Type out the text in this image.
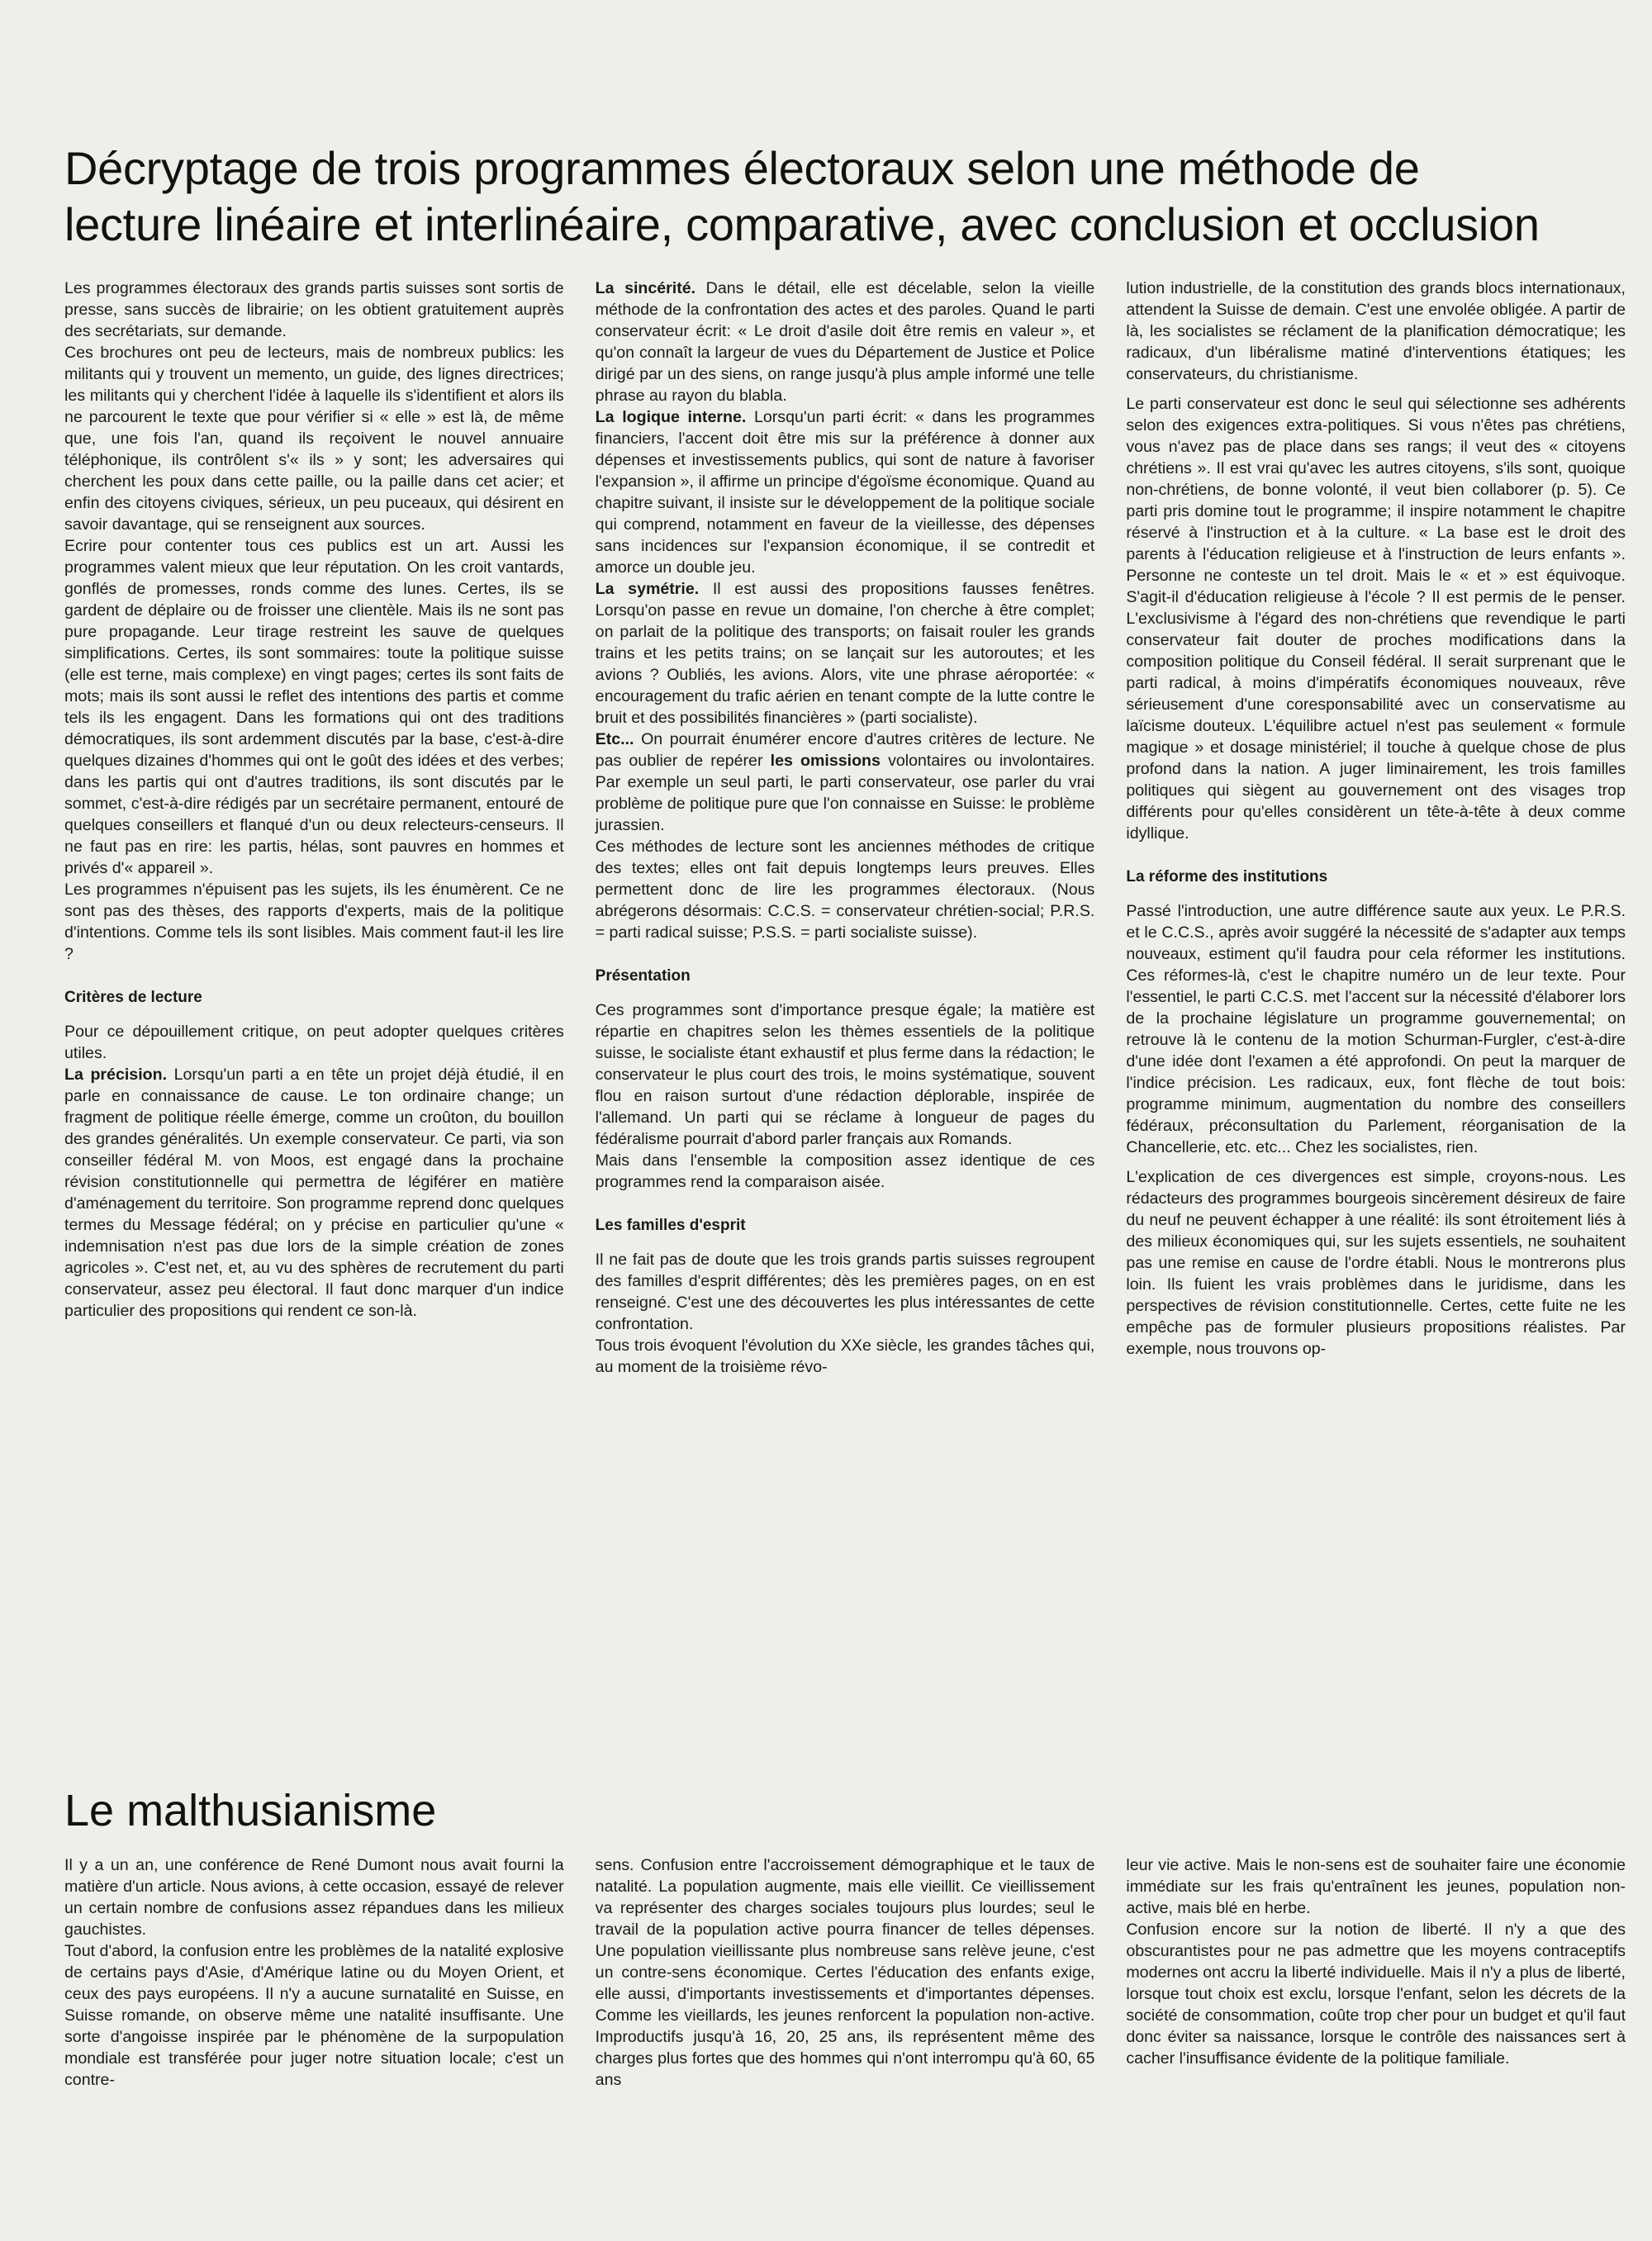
Décryptage de trois programmes électoraux selon une méthode de
lecture linéaire et interlinéaire, comparative, avec conclusion et occlusion

Les programmes électoraux des grands partis suisses sont sortis de presse, sans succès de librairie; on les obtient gratuitement auprès des secrétariats, sur demande.

Ces brochures ont peu de lecteurs, mais de nombreux publics: les militants qui y trouvent un memento, un guide, des lignes directrices; les militants qui y cherchent l'idée à laquelle ils s'identifient et alors ils ne parcourent le texte que pour vérifier si « elle » est là, de même que, une fois l'an, quand ils reçoivent le nouvel annuaire téléphonique, ils contrôlent s'« ils » y sont; les adversaires qui cherchent les poux dans cette paille, ou la paille dans cet acier; et enfin des citoyens civiques, sérieux, un peu puceaux, qui désirent en savoir davantage, qui se renseignent aux sources.

Ecrire pour contenter tous ces publics est un art. Aussi les programmes valent mieux que leur réputation. On les croit vantards, gonflés de promesses, ronds comme des lunes. Certes, ils se gardent de déplaire ou de froisser une clientèle. Mais ils ne sont pas pure propagande. Leur tirage restreint les sauve de quelques simplifications. Certes, ils sont sommaires: toute la politique suisse (elle est terne, mais complexe) en vingt pages; certes ils sont faits de mots; mais ils sont aussi le reflet des intentions des partis et comme tels ils les engagent. Dans les formations qui ont des traditions démocratiques, ils sont ardemment discutés par la base, c'est-à-dire quelques dizaines d'hommes qui ont le goût des idées et des verbes; dans les partis qui ont d'autres traditions, ils sont discutés par le sommet, c'est-à-dire rédigés par un secrétaire permanent, entouré de quelques conseillers et flanqué d'un ou deux relecteurs-censeurs. Il ne faut pas en rire: les partis, hélas, sont pauvres en hommes et privés d'« appareil ».

Les programmes n'épuisent pas les sujets, ils les énumèrent. Ce ne sont pas des thèses, des rapports d'experts, mais de la politique d'intentions. Comme tels ils sont lisibles. Mais comment faut-il les lire ?

Critères de lecture

Pour ce dépouillement critique, on peut adopter quelques critères utiles.

La précision. Lorsqu'un parti a en tête un projet déjà étudié, il en parle en connaissance de cause. Le ton ordinaire change; un fragment de politique réelle émerge, comme un croûton, du bouillon des grandes généralités. Un exemple conservateur. Ce parti, via son conseiller fédéral M. von Moos, est engagé dans la prochaine révision constitutionnelle qui permettra de légiférer en matière d'aménagement du territoire. Son programme reprend donc quelques termes du Message fédéral; on y précise en particulier qu'une « indemnisation n'est pas due lors de la simple création de zones agricoles ». C'est net, et, au vu des sphères de recrutement du parti conservateur, assez peu électoral. Il faut donc marquer d'un indice particulier des propositions qui rendent ce son-là.

La sincérité. Dans le détail, elle est décelable, selon la vieille méthode de la confrontation des actes et des paroles. Quand le parti conservateur écrit: « Le droit d'asile doit être remis en valeur », et qu'on connaît la largeur de vues du Département de Justice et Police dirigé par un des siens, on range jusqu'à plus ample informé une telle phrase au rayon du blabla.

La logique interne. Lorsqu'un parti écrit: « dans les programmes financiers, l'accent doit être mis sur la préférence à donner aux dépenses et investissements publics, qui sont de nature à favoriser l'expansion », il affirme un principe d'égoïsme économique. Quand au chapitre suivant, il insiste sur le développement de la politique sociale qui comprend, notamment en faveur de la vieillesse, des dépenses sans incidences sur l'expansion économique, il se contredit et amorce un double jeu.

La symétrie. Il est aussi des propositions fausses fenêtres. Lorsqu'on passe en revue un domaine, l'on cherche à être complet; on parlait de la politique des transports; on faisait rouler les grands trains et les petits trains; on se lançait sur les autoroutes; et les avions ? Oubliés, les avions. Alors, vite une phrase aéroportée: « encouragement du trafic aérien en tenant compte de la lutte contre le bruit et des possibilités financières » (parti socialiste).

Etc... On pourrait énumérer encore d'autres critères de lecture. Ne pas oublier de repérer les omissions volontaires ou involontaires. Par exemple un seul parti, le parti conservateur, ose parler du vrai problème de politique pure que l'on connaisse en Suisse: le problème jurassien.

Ces méthodes de lecture sont les anciennes méthodes de critique des textes; elles ont fait depuis longtemps leurs preuves. Elles permettent donc de lire les programmes électoraux. (Nous abrégerons désormais: C.C.S. = conservateur chrétien-social; P.R.S. = parti radical suisse; P.S.S. = parti socialiste suisse).

Présentation

Ces programmes sont d'importance presque égale; la matière est répartie en chapitres selon les thèmes essentiels de la politique suisse, le socialiste étant exhaustif et plus ferme dans la rédaction; le conservateur le plus court des trois, le moins systématique, souvent flou en raison surtout d'une rédaction déplorable, inspirée de l'allemand. Un parti qui se réclame à longueur de pages du fédéralisme pourrait d'abord parler français aux Romands.

Mais dans l'ensemble la composition assez identique de ces programmes rend la comparaison aisée.

Les familles d'esprit

Il ne fait pas de doute que les trois grands partis suisses regroupent des familles d'esprit différentes; dès les premières pages, on en est renseigné. C'est une des découvertes les plus intéressantes de cette confrontation.

Tous trois évoquent l'évolution du XXe siècle, les grandes tâches qui, au moment de la troisième révo-

lution industrielle, de la constitution des grands blocs internationaux, attendent la Suisse de demain. C'est une envolée obligée. A partir de là, les socialistes se réclament de la planification démocratique; les radicaux, d'un libéralisme matiné d'interventions étatiques; les conservateurs, du christianisme.

Le parti conservateur est donc le seul qui sélectionne ses adhérents selon des exigences extra-politiques. Si vous n'êtes pas chrétiens, vous n'avez pas de place dans ses rangs; il veut des « citoyens chrétiens ». Il est vrai qu'avec les autres citoyens, s'ils sont, quoique non-chrétiens, de bonne volonté, il veut bien collaborer (p. 5). Ce parti pris domine tout le programme; il inspire notamment le chapitre réservé à l'instruction et à la culture. « La base est le droit des parents à l'éducation religieuse et à l'instruction de leurs enfants ». Personne ne conteste un tel droit. Mais le « et » est équivoque. S'agit-il d'éducation religieuse à l'école ? Il est permis de le penser. L'exclusivisme à l'égard des non-chrétiens que revendique le parti conservateur fait douter de proches modifications dans la composition politique du Conseil fédéral. Il serait surprenant que le parti radical, à moins d'impératifs économiques nouveaux, rêve sérieusement d'une coresponsabilité avec un conservatisme au laïcisme douteux. L'équilibre actuel n'est pas seulement « formule magique » et dosage ministériel; il touche à quelque chose de plus profond dans la nation. A juger liminairement, les trois familles politiques qui siègent au gouvernement ont des visages trop différents pour qu'elles considèrent un tête-à-tête à deux comme idyllique.

La réforme des institutions

Passé l'introduction, une autre différence saute aux yeux. Le P.R.S. et le C.C.S., après avoir suggéré la nécessité de s'adapter aux temps nouveaux, estiment qu'il faudra pour cela réformer les institutions. Ces réformes-là, c'est le chapitre numéro un de leur texte. Pour l'essentiel, le parti C.C.S. met l'accent sur la nécessité d'élaborer lors de la prochaine législature un programme gouvernemental; on retrouve là le contenu de la motion Schurman-Furgler, c'est-à-dire d'une idée dont l'examen a été approfondi. On peut la marquer de l'indice précision. Les radicaux, eux, font flèche de tout bois: programme minimum, augmentation du nombre des conseillers fédéraux, préconsultation du Parlement, réorganisation de la Chancellerie, etc. etc... Chez les socialistes, rien.

L'explication de ces divergences est simple, croyons-nous. Les rédacteurs des programmes bourgeois sincèrement désireux de faire du neuf ne peuvent échapper à une réalité: ils sont étroitement liés à des milieux économiques qui, sur les sujets essentiels, ne souhaitent pas une remise en cause de l'ordre établi. Nous le montrerons plus loin. Ils fuient les vrais problèmes dans le juridisme, dans les perspectives de révision constitutionnelle. Certes, cette fuite ne les empêche pas de formuler plusieurs propositions réalistes. Par exemple, nous trouvons op-

Le malthusianisme

Il y a un an, une conférence de René Dumont nous avait fourni la matière d'un article. Nous avions, à cette occasion, essayé de relever un certain nombre de confusions assez répandues dans les milieux gauchistes.

Tout d'abord, la confusion entre les problèmes de la natalité explosive de certains pays d'Asie, d'Amérique latine ou du Moyen Orient, et ceux des pays européens. Il n'y a aucune surnatalité en Suisse, en Suisse romande, on observe même une natalité insuffisante. Une sorte d'angoisse inspirée par le phénomène de la surpopulation mondiale est transférée pour juger notre situation locale; c'est un contre-

sens. Confusion entre l'accroissement démographique et le taux de natalité. La population augmente, mais elle vieillit. Ce vieillissement va représenter des charges sociales toujours plus lourdes; seul le travail de la population active pourra financer de telles dépenses. Une population vieillissante plus nombreuse sans relève jeune, c'est un contre-sens économique. Certes l'éducation des enfants exige, elle aussi, d'importants investissements et d'importantes dépenses. Comme les vieillards, les jeunes renforcent la population non-active. Improductifs jusqu'à 16, 20, 25 ans, ils représentent même des charges plus fortes que des hommes qui n'ont interrompu qu'à 60, 65 ans

leur vie active. Mais le non-sens est de souhaiter faire une économie immédiate sur les frais qu'entraînent les jeunes, population non-active, mais blé en herbe.

Confusion encore sur la notion de liberté. Il n'y a que des obscurantistes pour ne pas admettre que les moyens contraceptifs modernes ont accru la liberté individuelle. Mais il n'y a plus de liberté, lorsque tout choix est exclu, lorsque l'enfant, selon les décrets de la société de consommation, coûte trop cher pour un budget et qu'il faut donc éviter sa naissance, lorsque le contrôle des naissances sert à cacher l'insuffisance évidente de la politique familiale.
